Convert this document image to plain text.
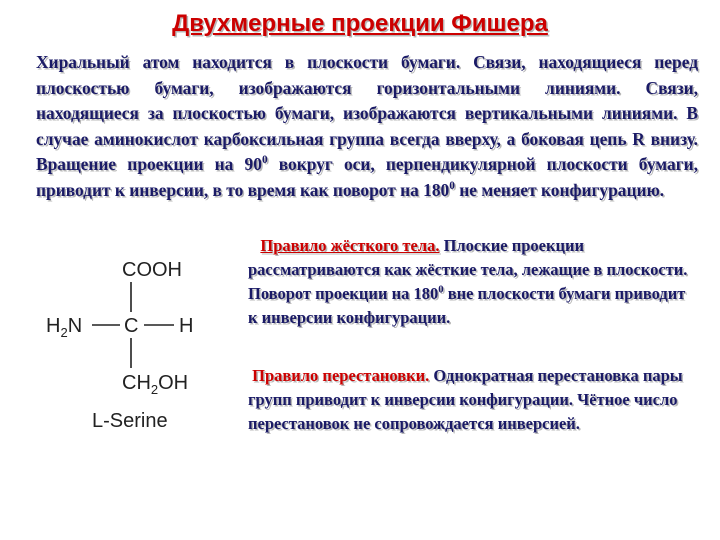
Двухмерные проекции Фишера
Хиральный атом находится в плоскости бумаги. Связи, находящиеся перед плоскостью бумаги, изображаются горизонтальными линиями. Связи, находящиеся за плоскостью бумаги, изображаются вертикальными линиями. В случае аминокислот карбоксильная группа всегда вверху, а боковая цепь R внизу. Вращение проекции на $90^0$ вокруг оси, перпендикулярной плоскости бумаги, приводит к инверсии, в то время как поворот на $180^0$ не меняет конфигурацию.
Правило жёсткого тела. Плоские проекции рассматриваются как жёсткие тела, лежащие в плоскости. Поворот проекции на $180^0$ вне плоскости бумаги приводит к инверсии конфигурации.
Правило перестановки. Однократная перестановка пары групп приводит к инверсии конфигурации. Чётное число перестановок не сопровождается инверсией.
COOH
$H_2N$ C H
$CH_2OH$
L-Serine
